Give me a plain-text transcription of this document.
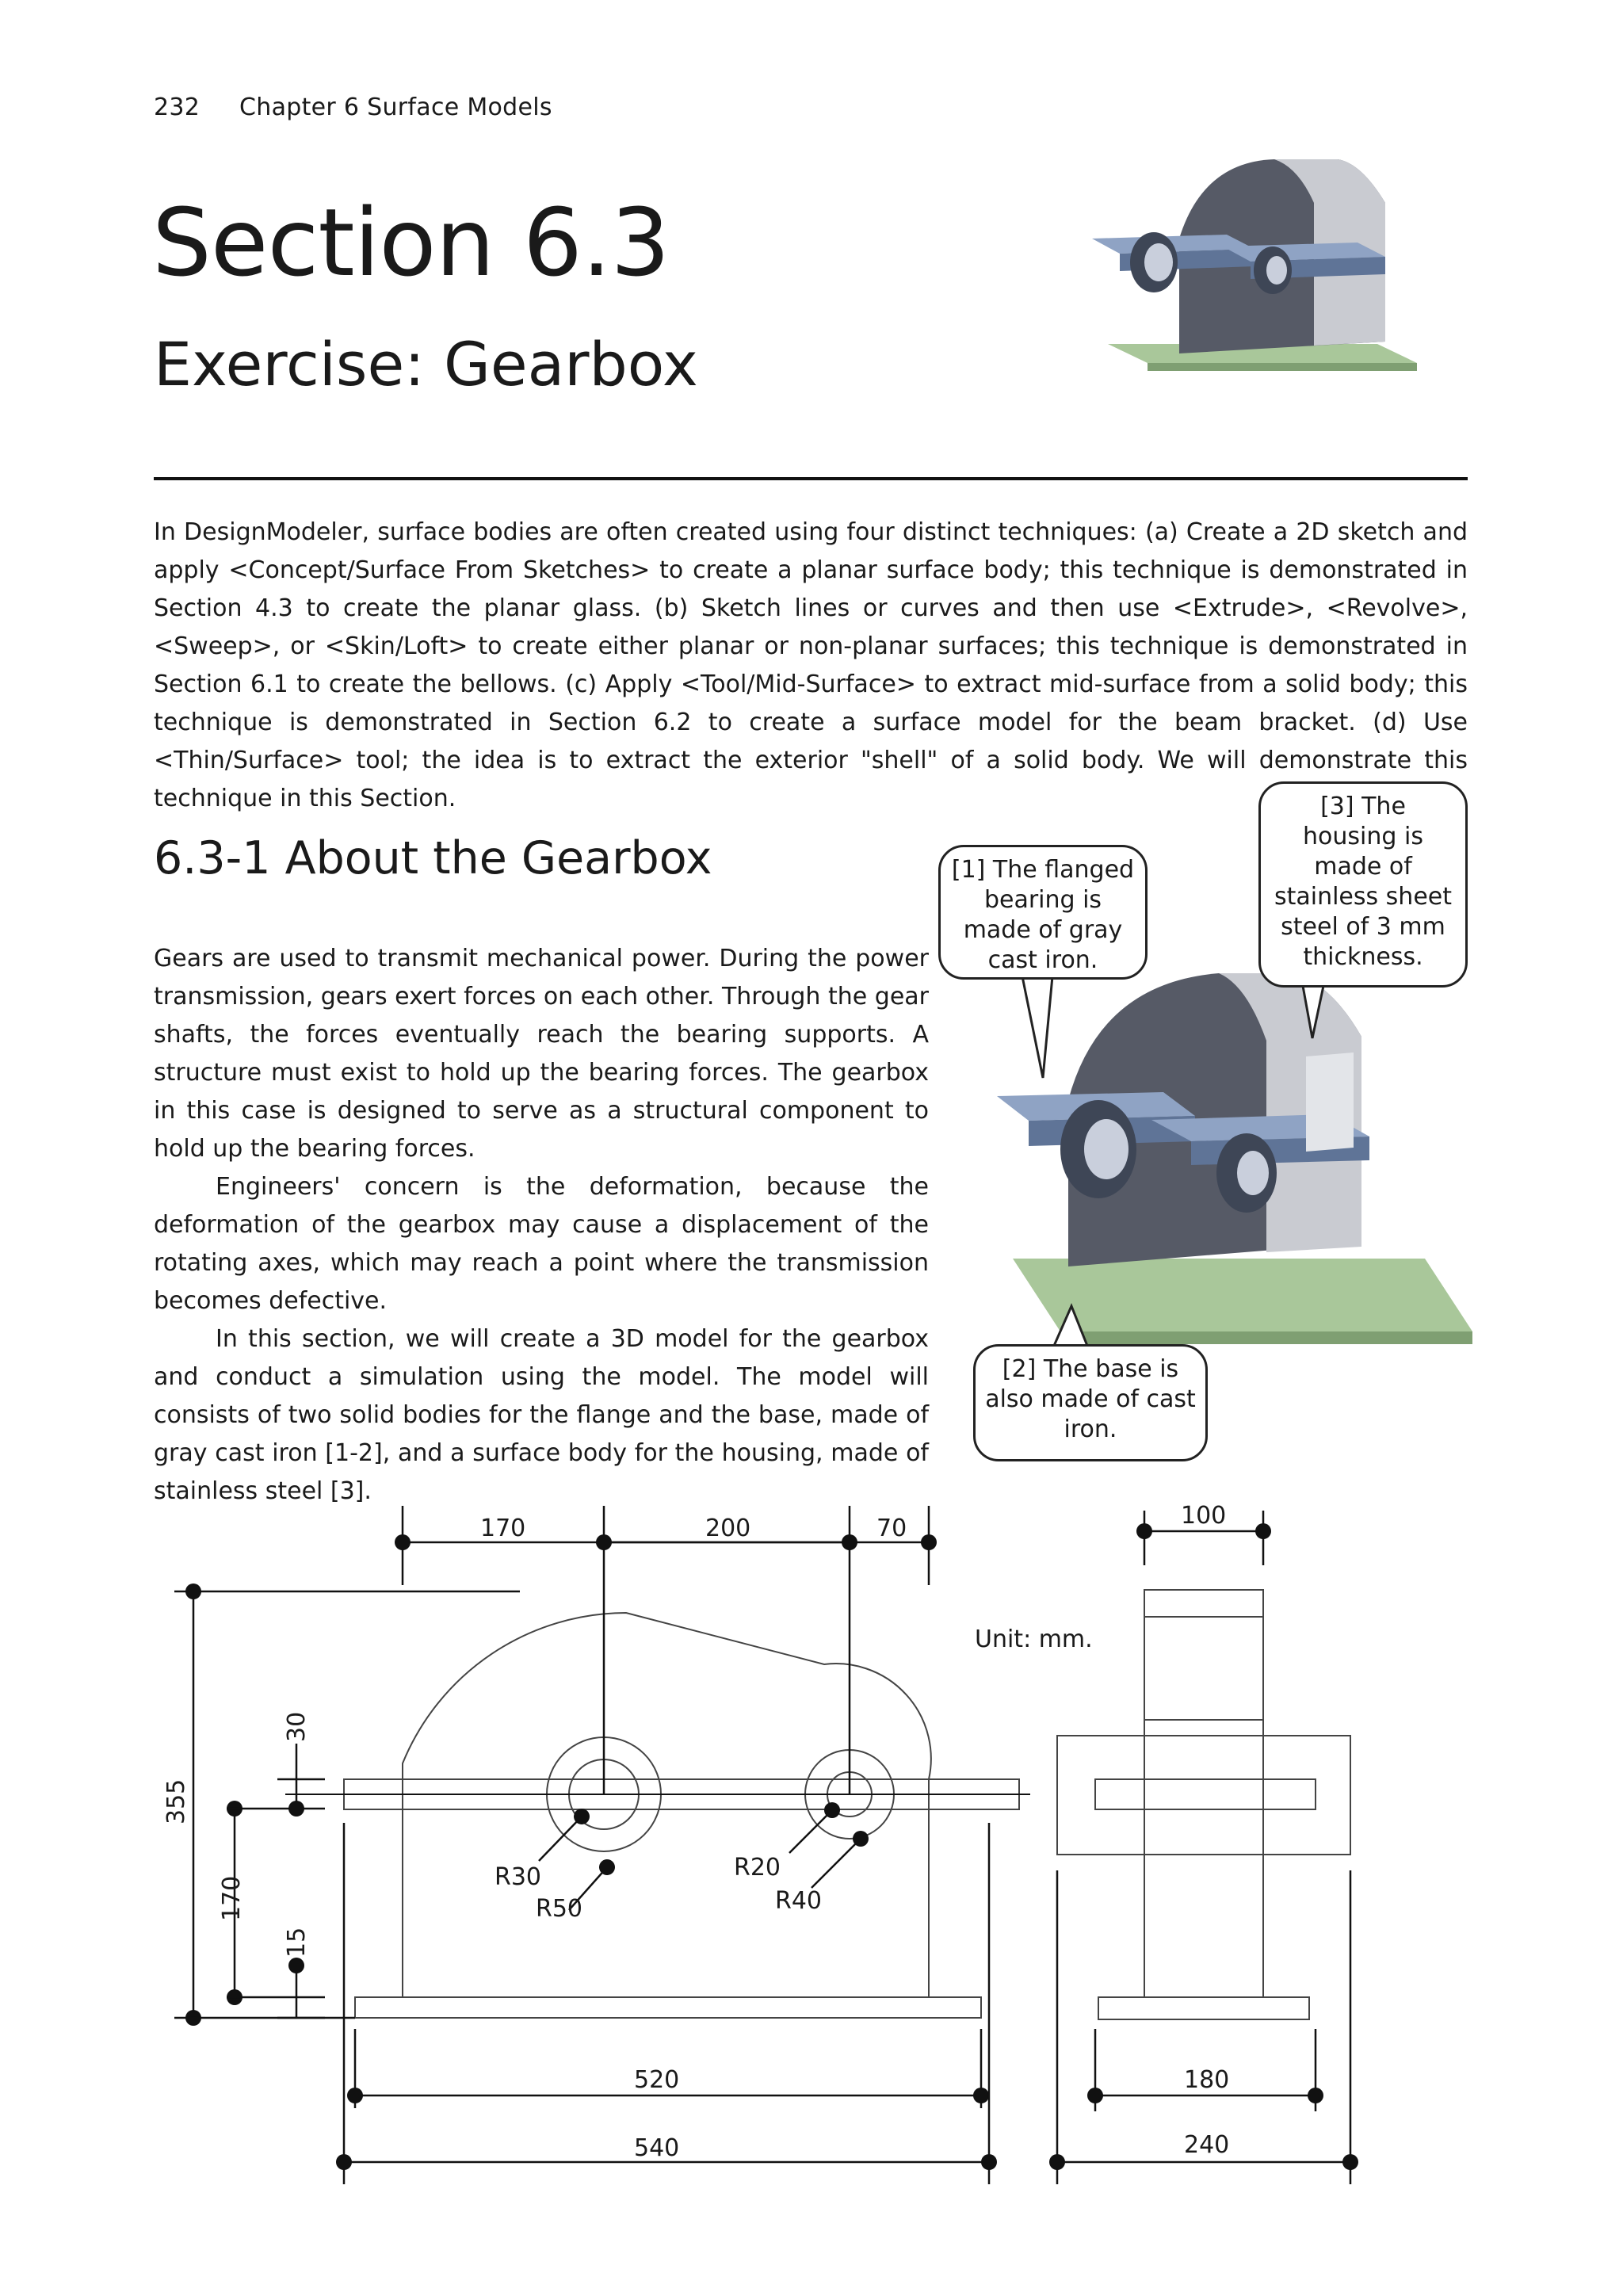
232 Chapter 6 Surface Models
Section 6.3
Exercise: Gearbox

In DesignModeler, surface bodies are often created using four distinct techniques: (a) Create a 2D sketch and apply <Concept/Surface From Sketches> to create a planar surface body; this technique is demonstrated in Section 4.3 to create the planar glass. (b) Sketch lines or curves and then use <Extrude>, <Revolve>, <Sweep>, or <Skin/Loft> to create either planar or non-planar surfaces; this technique is demonstrated in Section 6.1 to create the bellows. (c) Apply <Tool/Mid-Surface> to extract mid-surface from a solid body; this technique is demonstrated in Section 6.2 to create a surface model for the beam bracket. (d) Use <Thin/Surface> tool; the idea is to extract the exterior "shell" of a solid body. We will demonstrate this technique in this Section.

6.3-1 About the Gearbox

Gears are used to transmit mechanical power. During the power transmission, gears exert forces on each other. Through the gear shafts, the forces eventually reach the bearing supports. A structure must exist to hold up the bearing forces. The gearbox in this case is designed to serve as a structural component to hold up the bearing forces.

Engineers' concern is the deformation, because the deformation of the gearbox may cause a displacement of the rotating axes, which may reach a point where the transmission becomes defective.

In this section, we will create a 3D model for the gearbox and conduct a simulation using the model. The model will consists of two solid bodies for the flange and the base, made of gray cast iron [1-2], and a surface body for the housing, made of stainless steel [3].

[1] The flanged bearing is made of gray cast iron.
[3] The housing is made of stainless sheet steel of 3 mm thickness.
[2] The base is also made of cast iron.
170	200	70	100
Unit: mm.
355
30
170
15
R30
R50
R20
R40
520
540
180
240
